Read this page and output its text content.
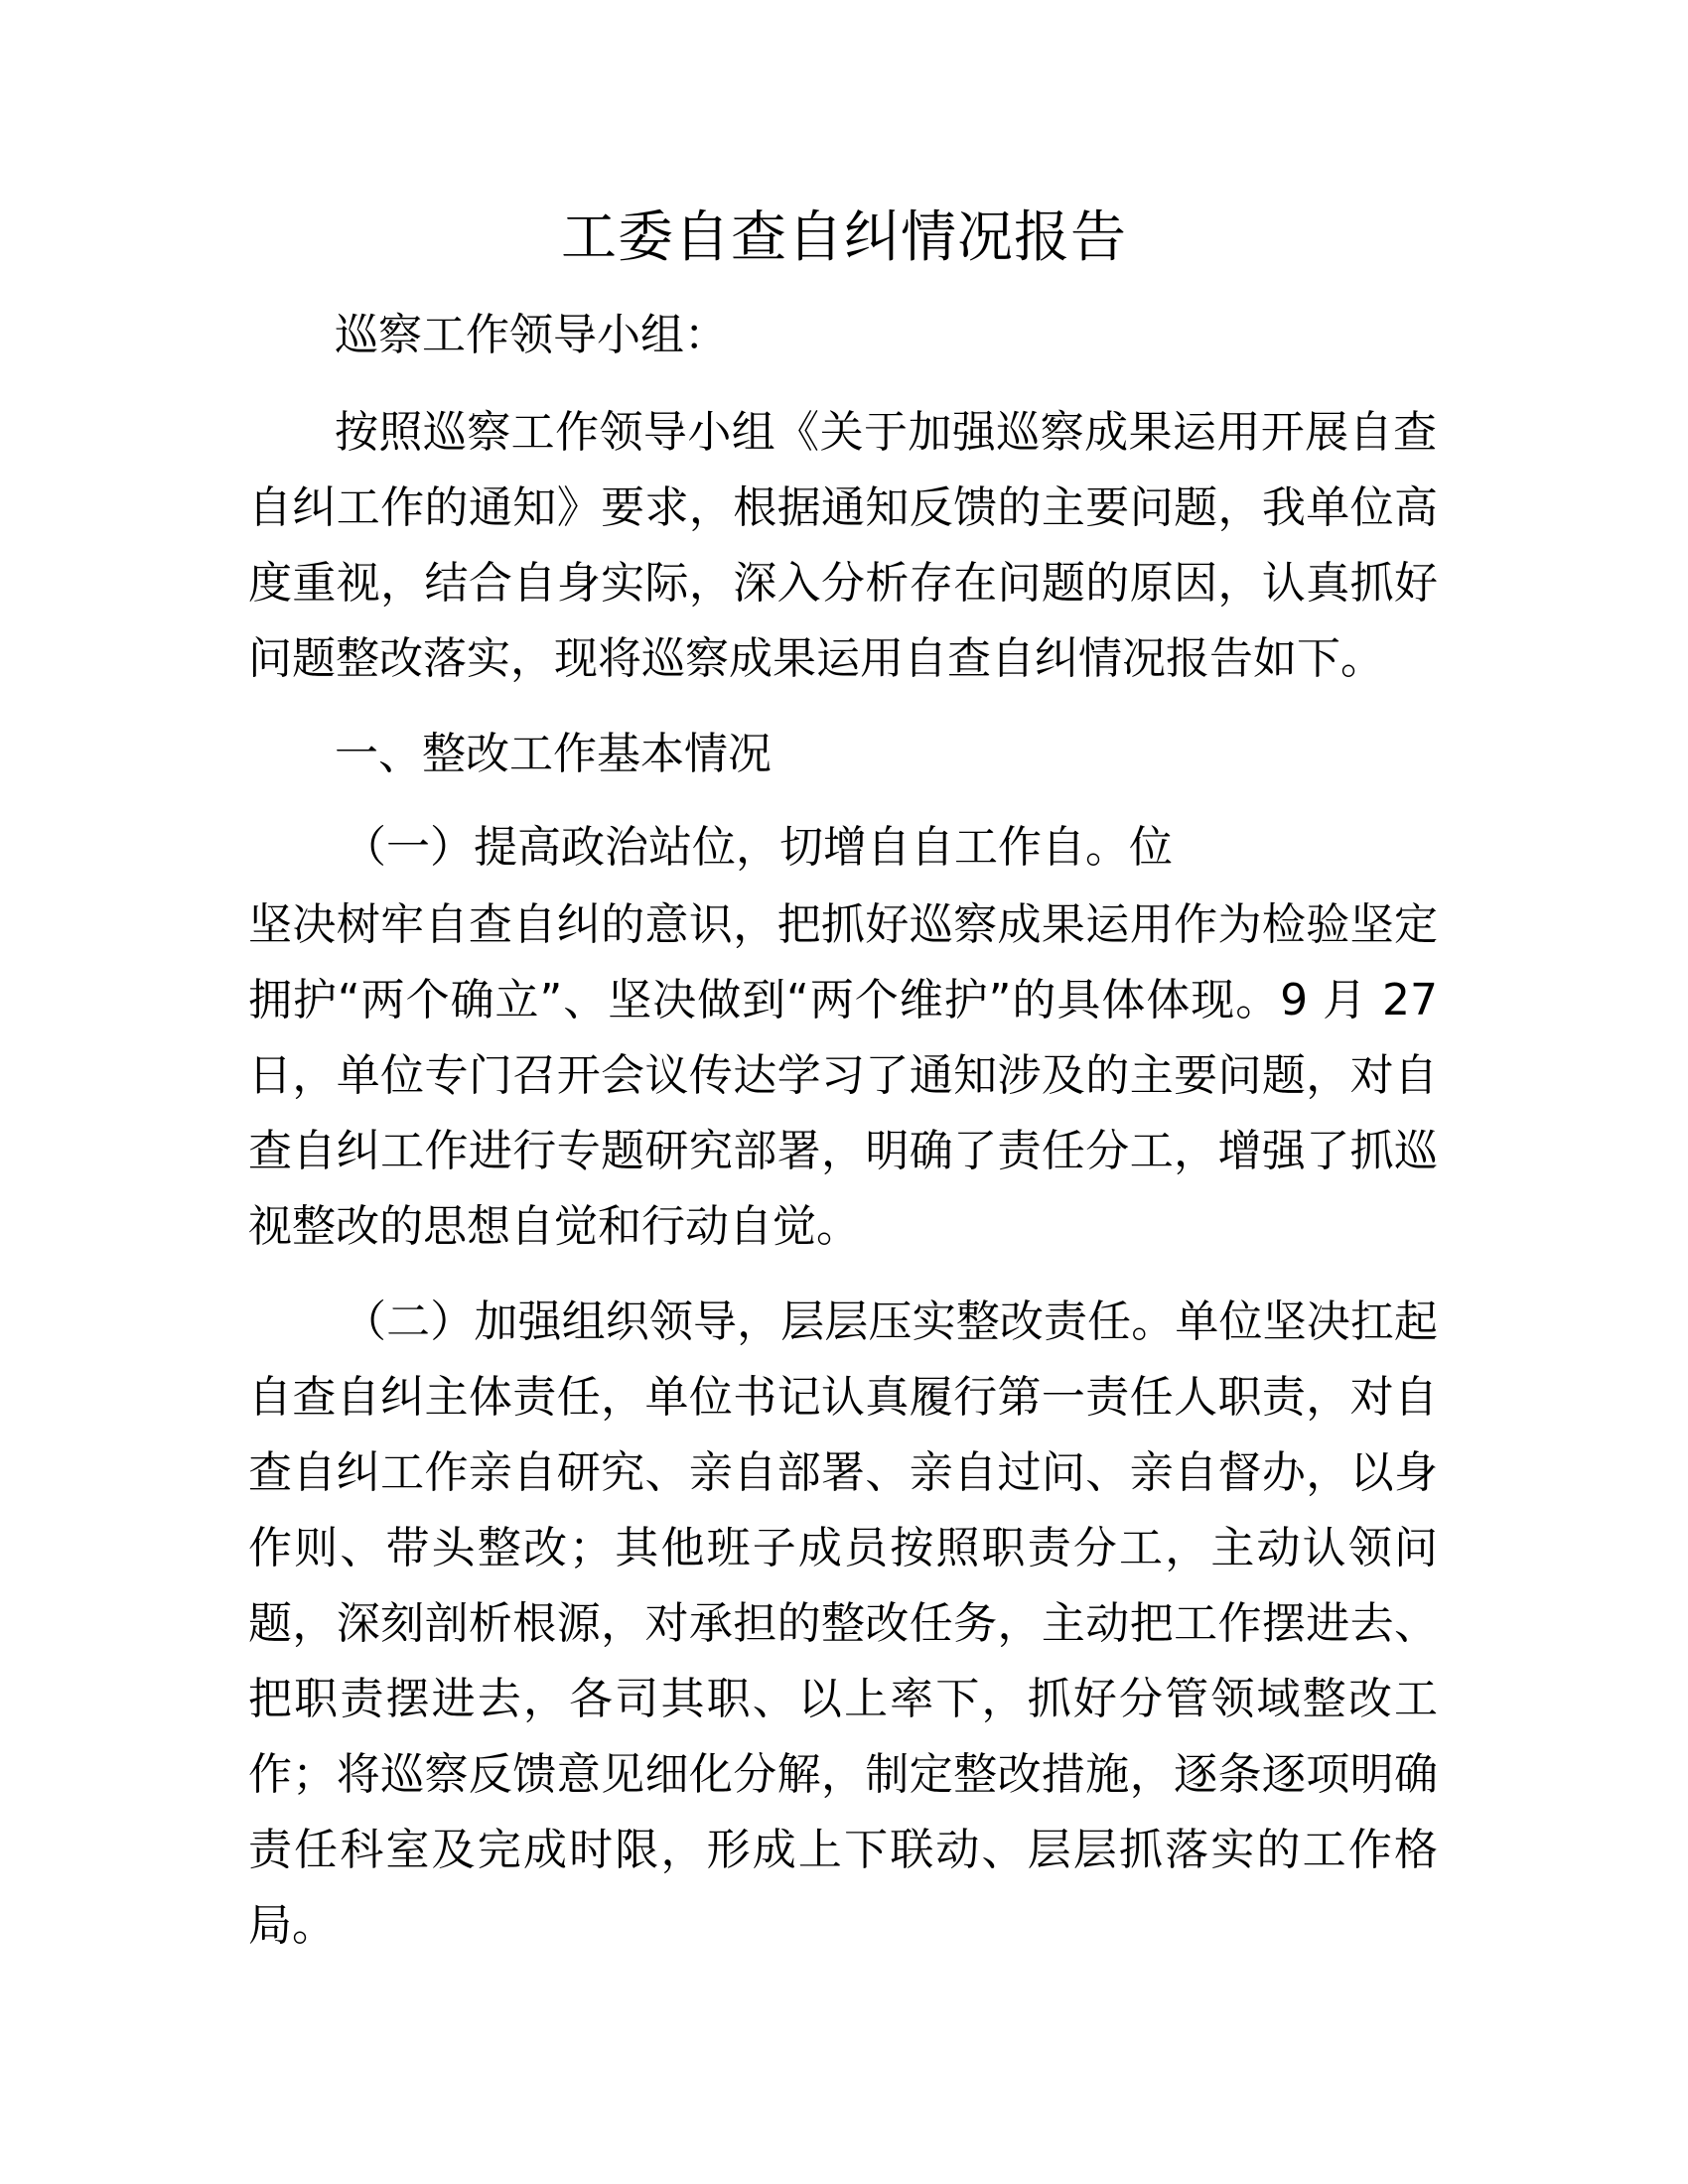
工委自查自纠情况报告
巡察工作领导小组：
按照巡察工作领导小组《关于加强巡察成果运用开展自查
自纠工作的通知》要求，根据通知反馈的主要问题，我单位高
度重视，结合自身实际，深入分析存在问题的原因，认真抓好
问题整改落实，现将巡察成果运用自查自纠情况报告如下。
一、整改工作基本情况
（一）提高政治站位，切增自自工作自。位
坚决树牢自查自纠的意识，把抓好巡察成果运用作为检验坚定
拥护“两个确立”、坚决做到“两个维护”的具体体现。9 月 27
日，单位专门召开会议传达学习了通知涉及的主要问题，对自
查自纠工作进行专题研究部署，明确了责任分工，增强了抓巡
视整改的思想自觉和行动自觉。
（二）加强组织领导，层层压实整改责任。单位坚决扛起
自查自纠主体责任，单位书记认真履行第一责任人职责，对自
查自纠工作亲自研究、亲自部署、亲自过问、亲自督办，以身
作则、带头整改；其他班子成员按照职责分工，主动认领问
题，深刻剖析根源，对承担的整改任务，主动把工作摆进去、
把职责摆进去，各司其职、以上率下，抓好分管领域整改工
作；将巡察反馈意见细化分解，制定整改措施，逐条逐项明确
责任科室及完成时限，形成上下联动、层层抓落实的工作格
局。
